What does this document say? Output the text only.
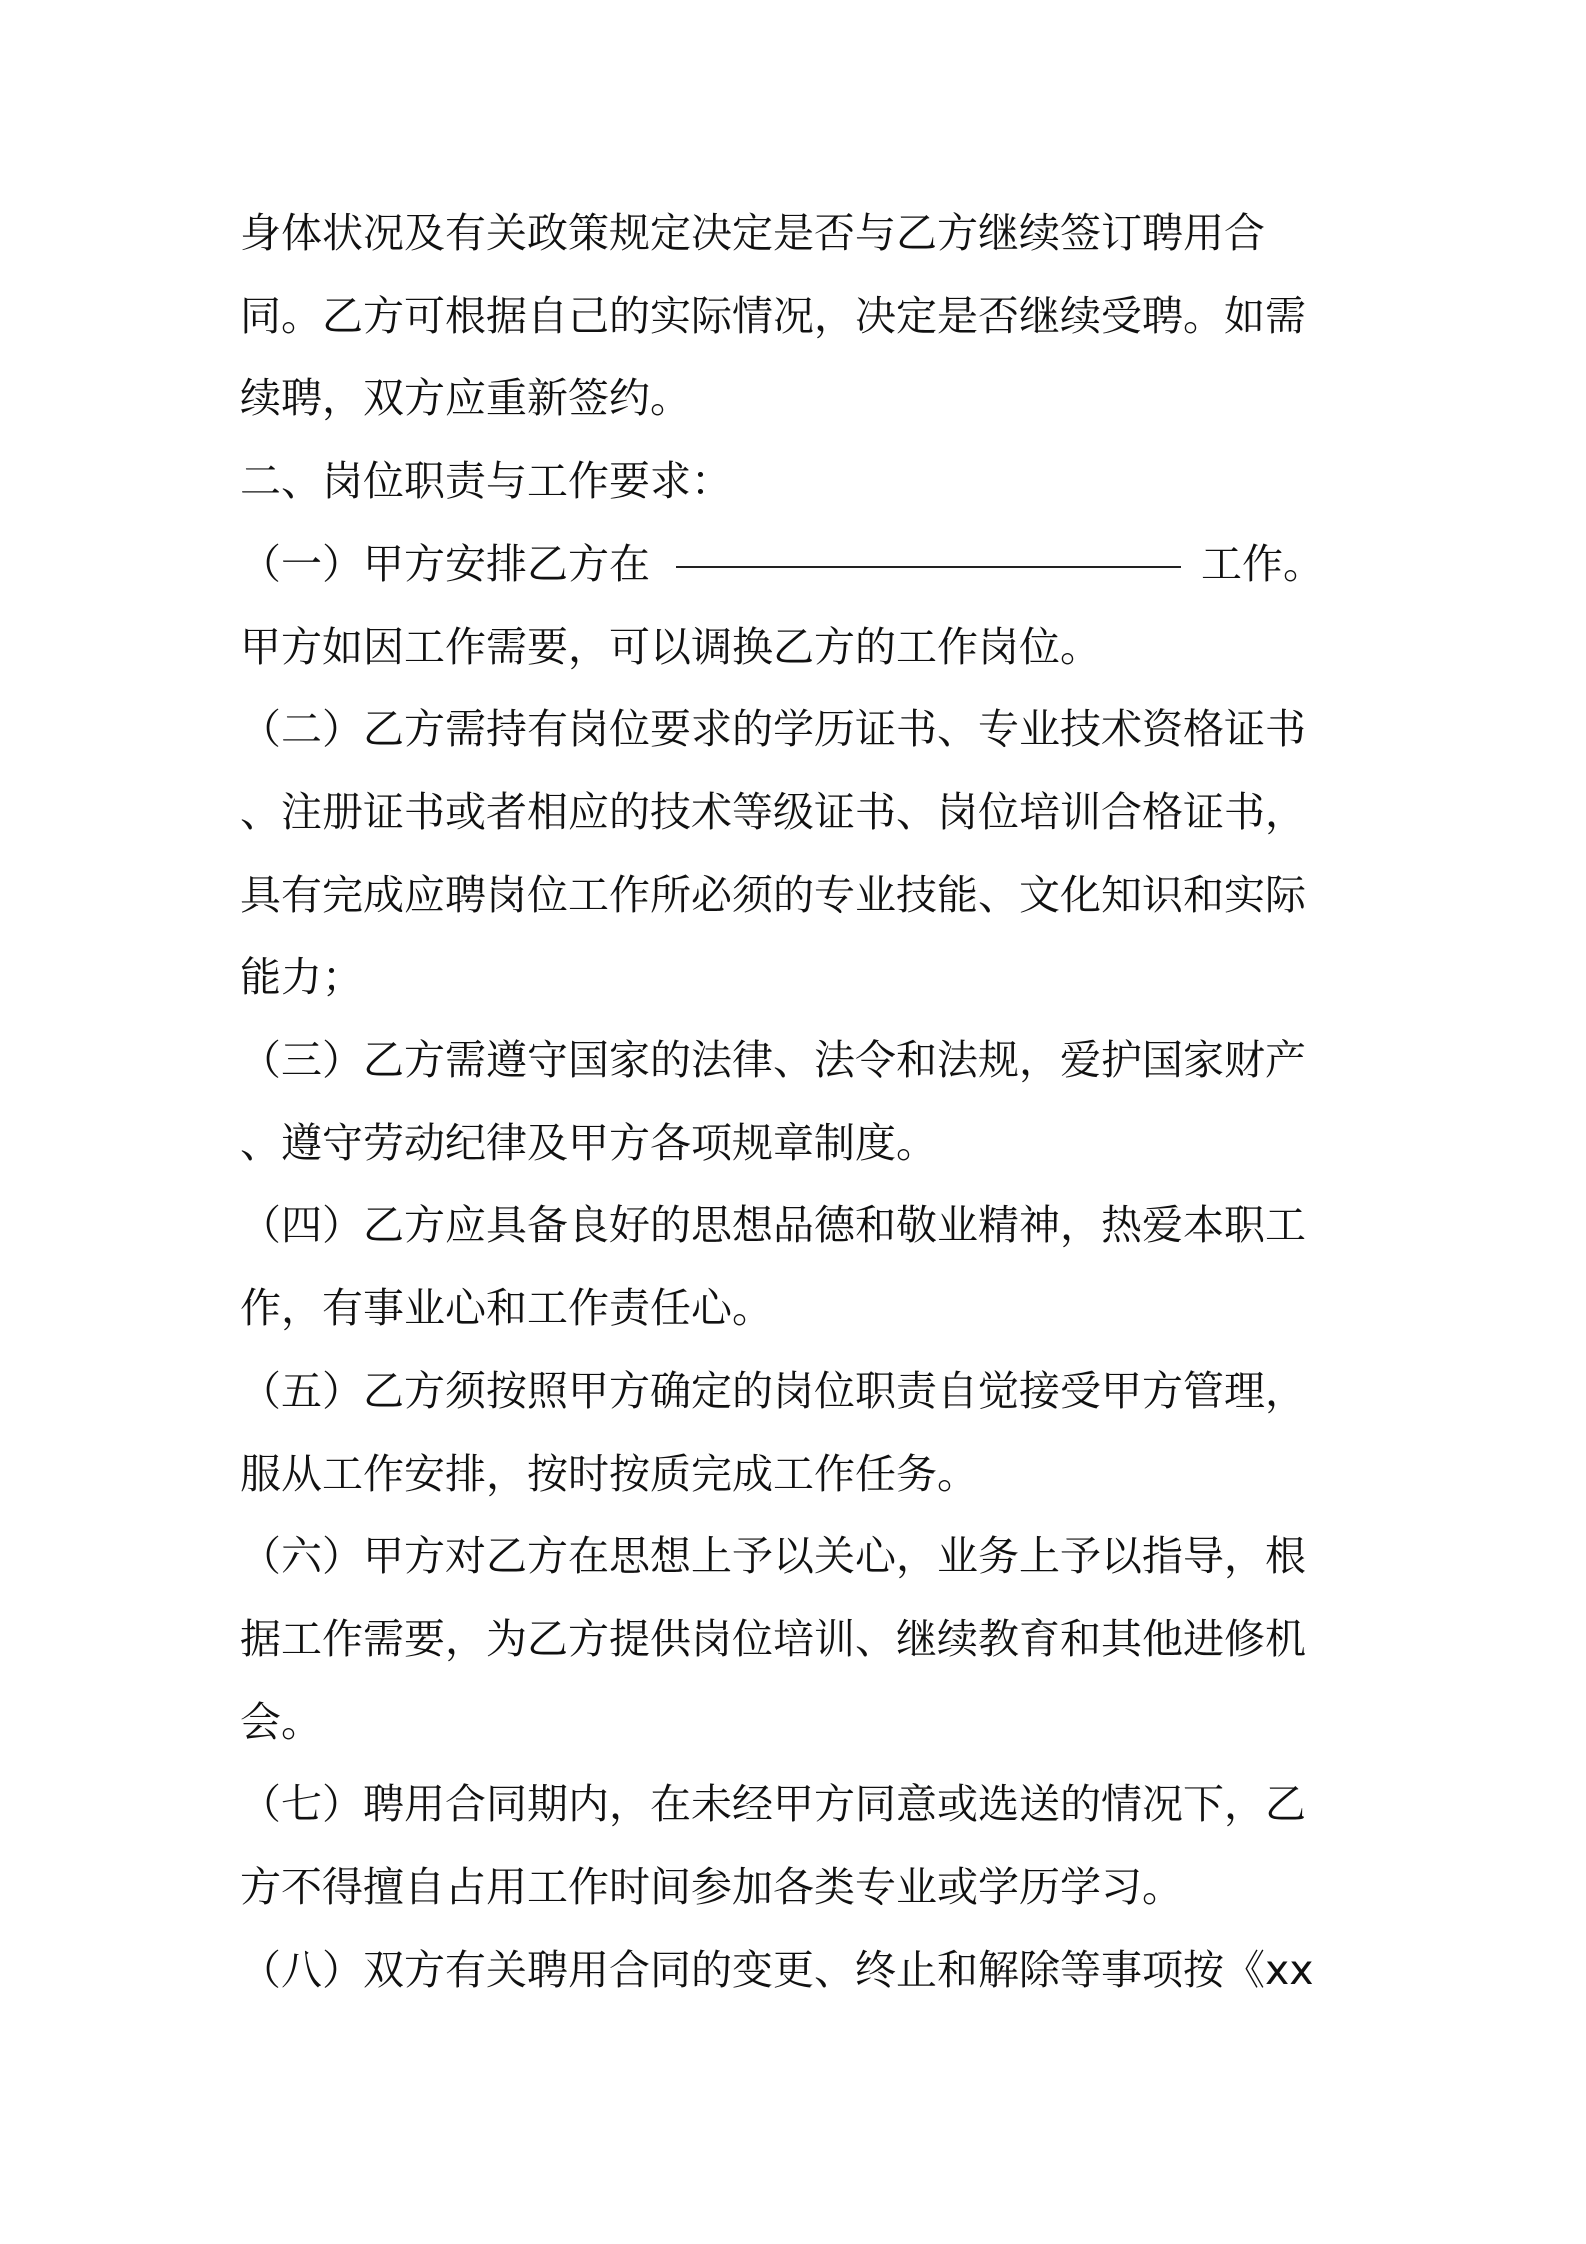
身体状况及有关政策规定决定是否与乙方继续签订聘用合

同。乙方可根据自己的实际情况，决定是否继续受聘。如需

续聘，双方应重新签约。

二、岗位职责与工作要求：

（一）甲方安排乙方在	工作。

甲方如因工作需要，可以调换乙方的工作岗位。

（二）乙方需持有岗位要求的学历证书、专业技术资格证书

、注册证书或者相应的技术等级证书、岗位培训合格证书，

具有完成应聘岗位工作所必须的专业技能、文化知识和实际

能力；

（三）乙方需遵守国家的法律、法令和法规，爱护国家财产

、遵守劳动纪律及甲方各项规章制度。

（四）乙方应具备良好的思想品德和敬业精神，热爱本职工

作，有事业心和工作责任心。

（五）乙方须按照甲方确定的岗位职责自觉接受甲方管理，

服从工作安排，按时按质完成工作任务。

（六）甲方对乙方在思想上予以关心，业务上予以指导，根

据工作需要，为乙方提供岗位培训、继续教育和其他进修机

会。

（七）聘用合同期内，在未经甲方同意或选送的情况下，乙

方不得擅自占用工作时间参加各类专业或学历学习。

（八）双方有关聘用合同的变更、终止和解除等事项按《xx
